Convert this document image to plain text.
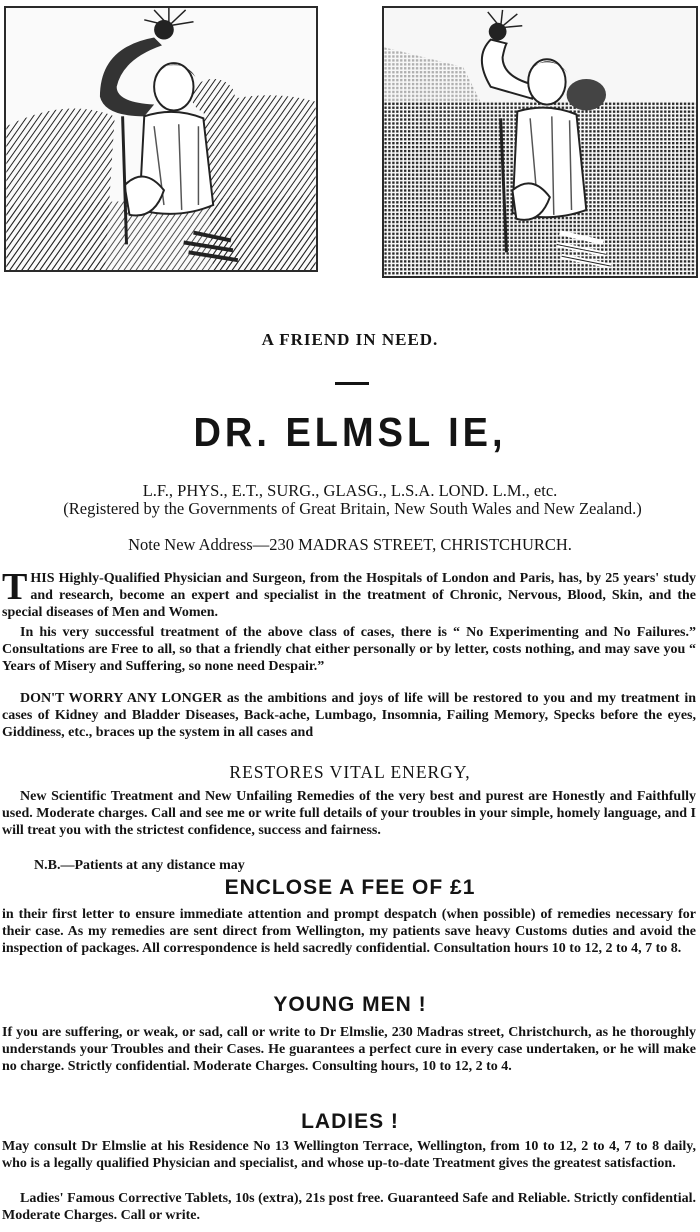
A FRIEND IN NEED.
DR. ELMSL IE,
L.F., PHYS., E.T., SURG., GLASG., L.S.A. LOND. L.M., etc.
(Registered by the Governments of Great Britain, New South Wales and New Zealand.)
Note New Address—230 MADRAS STREET, CHRISTCHURCH.
T HIS Highly-Qualified Physician and Surgeon, from the Hospitals of London and Paris, has, by 25 years' study and research, become an expert and specialist in the treatment of Chronic, Nervous, Blood, Skin, and the special diseases of Men and Women.
In his very successful treatment of the above class of cases, there is “ No Experimenting and No Failures.” Consultations are Free to all, so that a friendly chat either personally or by letter, costs nothing, and may save you “ Years of Misery and Suffering, so none need Despair.”
DON'T WORRY ANY LONGER as the ambitions and joys of life will be restored to you and my treatment in cases of Kidney and Bladder Diseases, Back-ache, Lumbago, Insomnia, Failing Memory, Specks before the eyes, Giddiness, etc., braces up the system in all cases and
RESTORES VITAL ENERGY,
New Scientific Treatment and New Unfailing Remedies of the very best and purest are Honestly and Faithfully used. Moderate charges. Call and see me or write full details of your troubles in your simple, homely language, and I will treat you with the strictest confidence, success and fairness.
N.B.—Patients at any distance may
ENCLOSE A FEE OF £1
in their first letter to ensure immediate attention and prompt despatch (when possible) of remedies necessary for their case. As my remedies are sent direct from Wellington, my patients save heavy Customs duties and avoid the inspection of packages. All correspondence is held sacredly confidential. Consultation hours 10 to 12, 2 to 4, 7 to 8.
YOUNG MEN !
If you are suffering, or weak, or sad, call or write to Dr Elmslie, 230 Madras street, Christchurch, as he thoroughly understands your Troubles and their Cases. He guarantees a perfect cure in every case undertaken, or he will make no charge. Strictly confidential. Moderate Charges. Consulting hours, 10 to 12, 2 to 4.
LADIES !
May consult Dr Elmslie at his Residence No 13 Wellington Terrace, Wellington, from 10 to 12, 2 to 4, 7 to 8 daily, who is a legally qualified Physician and specialist, and whose up-to-date Treatment gives the greatest satisfaction.
Ladies' Famous Corrective Tablets, 10s (extra), 21s post free. Guaranteed Safe and Reliable. Strictly confidential. Moderate Charges. Call or write.
